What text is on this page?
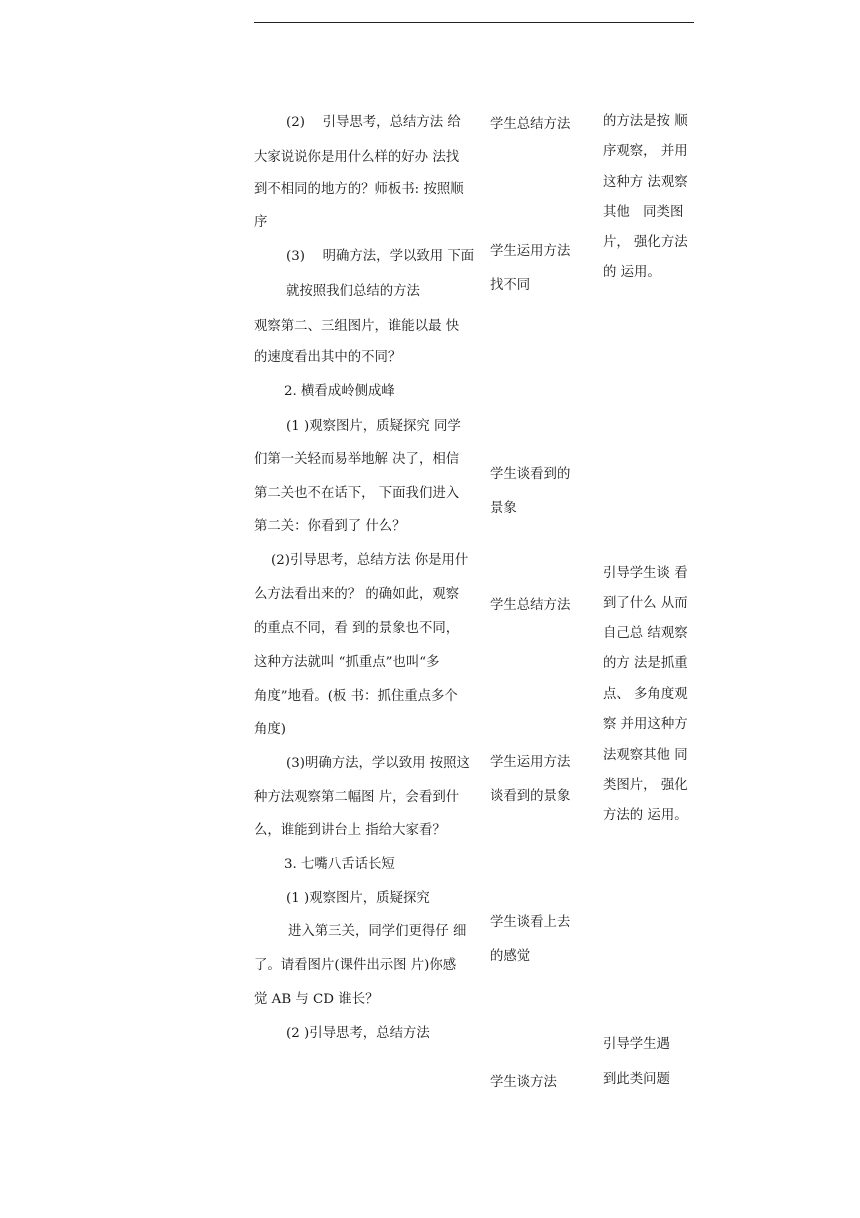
(2)　 引导思考，总结方法 给
大家说说你是用什么样的好办 法找
到不相同的地方的？师板书: 按照顺
序
(3)　 明确方法，学以致用 下面
就按照我们总结的方法
观察第二、三组图片，谁能以最 快
的速度看出其中的不同？
2. 横看成岭侧成峰
(1 )观察图片，质疑探究 同学
们第一关轻而易举地解 决了，相信
第二关也不在话下， 下面我们进入
第二关：你看到了 什么？
(2)引导思考，总结方法 你是用什
么方法看出来的？ 的确如此，观察
的重点不同，看 到的景象也不同，
这种方法就叫 “抓重点”也叫“多
角度”地看。(板 书：抓住重点多个
角度)
(3)明确方法，学以致用 按照这
种方法观察第二幅图 片，会看到什
么，谁能到讲台上 指给大家看？
3. 七嘴八舌话长短
(1 )观察图片，质疑探究
进入第三关，同学们更得仔 细
了。请看图片(课件出示图 片)你感
觉 AB 与 CD 谁长？
(2 )引导思考，总结方法
学生总结方法
学生运用方法
找不同
学生谈看到的
景象
学生总结方法
学生运用方法
谈看到的景象
学生谈看上去
的感觉
学生谈方法
的方法是按 顺
序观察， 并用
这种方 法观察
其他　同类图
片， 强化方法
的 运用。
引导学生谈 看
到了什么 从而
自己总 结观察
的方 法是抓重
点、 多角度观
察 并用这种方
法观察其他 同
类图片， 强化
方法的 运用。
引导学生遇
到此类问题
